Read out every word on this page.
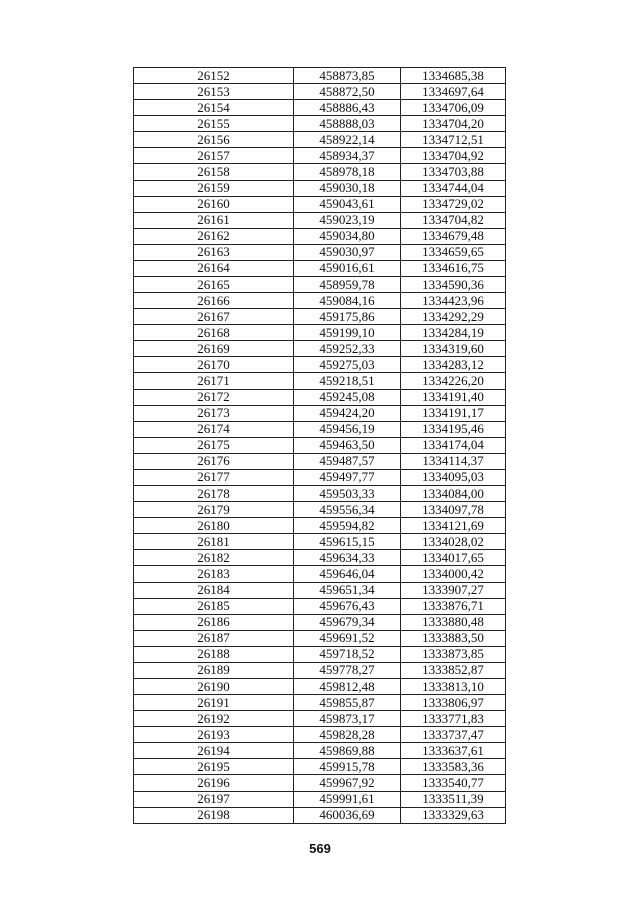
26152	458873,85	1334685,38
26153	458872,50	1334697,64
26154	458886,43	1334706,09
26155	458888,03	1334704,20
26156	458922,14	1334712,51
26157	458934,37	1334704,92
26158	458978,18	1334703,88
26159	459030,18	1334744,04
26160	459043,61	1334729,02
26161	459023,19	1334704,82
26162	459034,80	1334679,48
26163	459030,97	1334659,65
26164	459016,61	1334616,75
26165	458959,78	1334590,36
26166	459084,16	1334423,96
26167	459175,86	1334292,29
26168	459199,10	1334284,19
26169	459252,33	1334319,60
26170	459275,03	1334283,12
26171	459218,51	1334226,20
26172	459245,08	1334191,40
26173	459424,20	1334191,17
26174	459456,19	1334195,46
26175	459463,50	1334174,04
26176	459487,57	1334114,37
26177	459497,77	1334095,03
26178	459503,33	1334084,00
26179	459556,34	1334097,78
26180	459594,82	1334121,69
26181	459615,15	1334028,02
26182	459634,33	1334017,65
26183	459646,04	1334000,42
26184	459651,34	1333907,27
26185	459676,43	1333876,71
26186	459679,34	1333880,48
26187	459691,52	1333883,50
26188	459718,52	1333873,85
26189	459778,27	1333852,87
26190	459812,48	1333813,10
26191	459855,87	1333806,97
26192	459873,17	1333771,83
26193	459828,28	1333737,47
26194	459869,88	1333637,61
26195	459915,78	1333583,36
26196	459967,92	1333540,77
26197	459991,61	1333511,39
26198	460036,69	1333329,63
569
